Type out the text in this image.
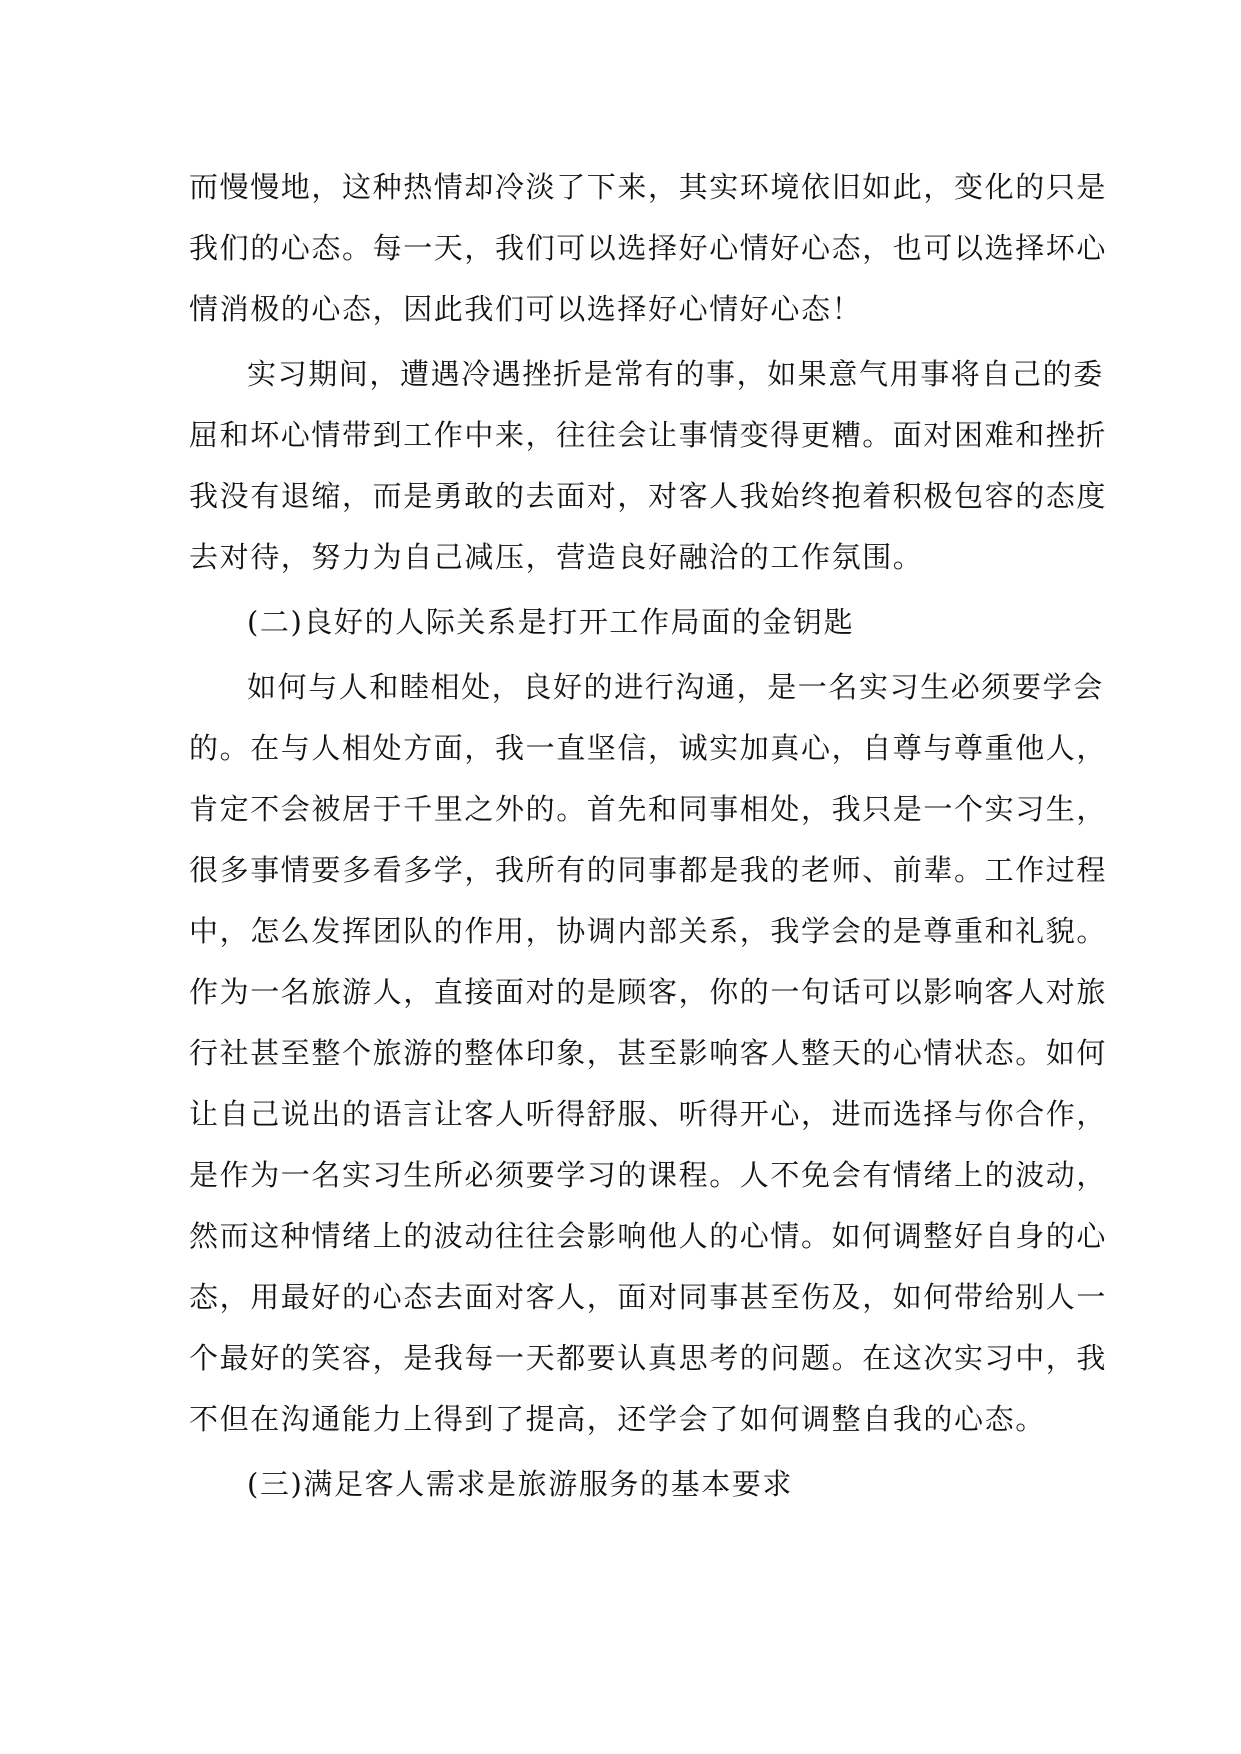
而慢慢地，这种热情却冷淡了下来，其实环境依旧如此，变化的只是
我们的心态。每一天，我们可以选择好心情好心态，也可以选择坏心
情消极的心态，因此我们可以选择好心情好心态！
实习期间，遭遇冷遇挫折是常有的事，如果意气用事将自己的委
屈和坏心情带到工作中来，往往会让事情变得更糟。面对困难和挫折
我没有退缩，而是勇敢的去面对，对客人我始终抱着积极包容的态度
去对待，努力为自己减压，营造良好融洽的工作氛围。
(二)良好的人际关系是打开工作局面的金钥匙
如何与人和睦相处，良好的进行沟通，是一名实习生必须要学会
的。在与人相处方面，我一直坚信，诚实加真心，自尊与尊重他人，
肯定不会被居于千里之外的。首先和同事相处，我只是一个实习生，
很多事情要多看多学，我所有的同事都是我的老师、前辈。工作过程
中，怎么发挥团队的作用，协调内部关系，我学会的是尊重和礼貌。
作为一名旅游人，直接面对的是顾客，你的一句话可以影响客人对旅
行社甚至整个旅游的整体印象，甚至影响客人整天的心情状态。如何
让自己说出的语言让客人听得舒服、听得开心，进而选择与你合作，
是作为一名实习生所必须要学习的课程。人不免会有情绪上的波动，
然而这种情绪上的波动往往会影响他人的心情。如何调整好自身的心
态，用最好的心态去面对客人，面对同事甚至伤及，如何带给别人一
个最好的笑容，是我每一天都要认真思考的问题。在这次实习中，我
不但在沟通能力上得到了提高，还学会了如何调整自我的心态。
(三)满足客人需求是旅游服务的基本要求
